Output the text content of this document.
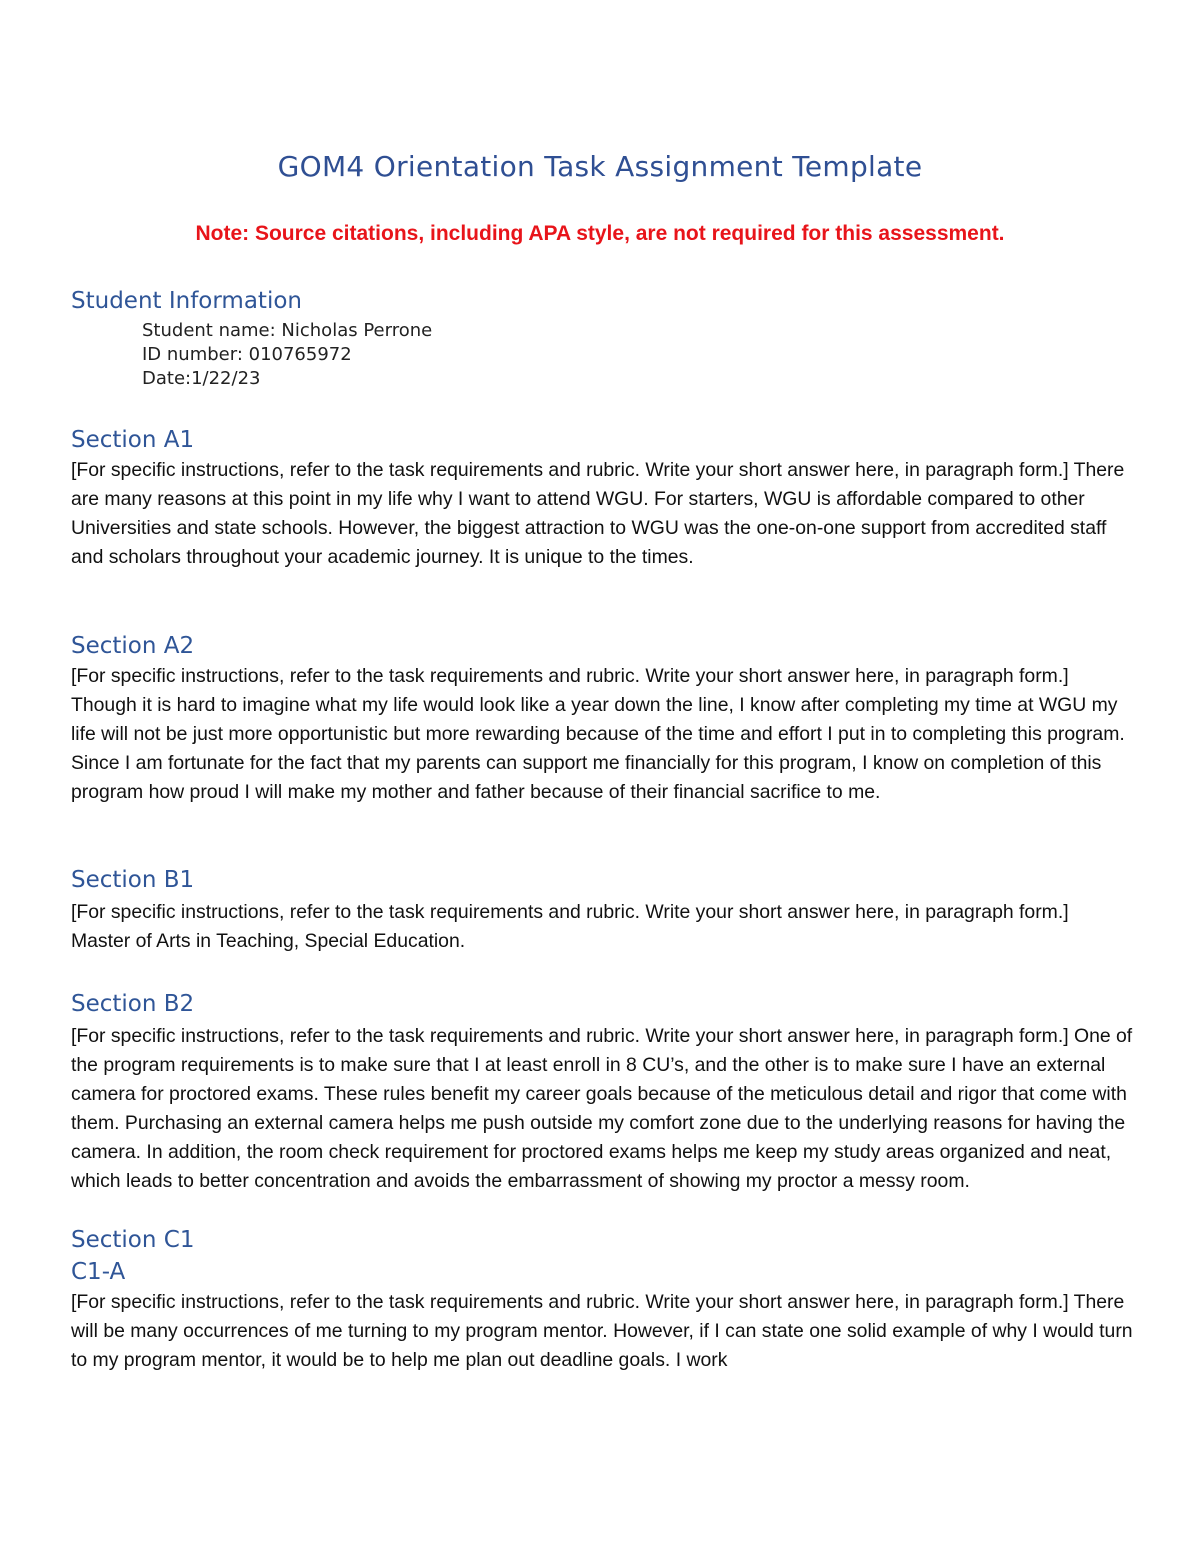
GOM4 Orientation Task Assignment Template

Note: Source citations, including APA style, are not required for this assessment.

Student Information
Student name: Nicholas Perrone
ID number: 010765972
Date:1/22/23
Section A1

[For specific instructions, refer to the task requirements and rubric. Write your short answer here, in paragraph form.] There are many reasons at this point in my life why I want to attend WGU. For starters, WGU is affordable compared to other Universities and state schools. However, the biggest attraction to WGU was the one-on-one support from accredited staff and scholars throughout your academic journey. It is unique to the times.

Section A2

[For specific instructions, refer to the task requirements and rubric. Write your short answer here, in paragraph form.] Though it is hard to imagine what my life would look like a year down the line, I know after completing my time at WGU my life will not be just more opportunistic but more rewarding because of the time and effort I put in to completing this program. Since I am fortunate for the fact that my parents can support me financially for this program, I know on completion of this program how proud I will make my mother and father because of their financial sacrifice to me.

Section B1

[For specific instructions, refer to the task requirements and rubric. Write your short answer here, in paragraph form.] Master of Arts in Teaching, Special Education.

Section B2

[For specific instructions, refer to the task requirements and rubric. Write your short answer here, in paragraph form.] One of the program requirements is to make sure that I at least enroll in 8 CU’s, and the other is to make sure I have an external camera for proctored exams. These rules benefit my career goals because of the meticulous detail and rigor that come with them. Purchasing an external camera helps me push outside my comfort zone due to the underlying reasons for having the camera. In addition, the room check requirement for proctored exams helps me keep my study areas organized and neat, which leads to better concentration and avoids the embarrassment of showing my proctor a messy room.

Section C1
C1-A

[For specific instructions, refer to the task requirements and rubric. Write your short answer here, in paragraph form.] There will be many occurrences of me turning to my program mentor. However, if I can state one solid example of why I would turn to my program mentor, it would be to help me plan out deadline goals. I work
